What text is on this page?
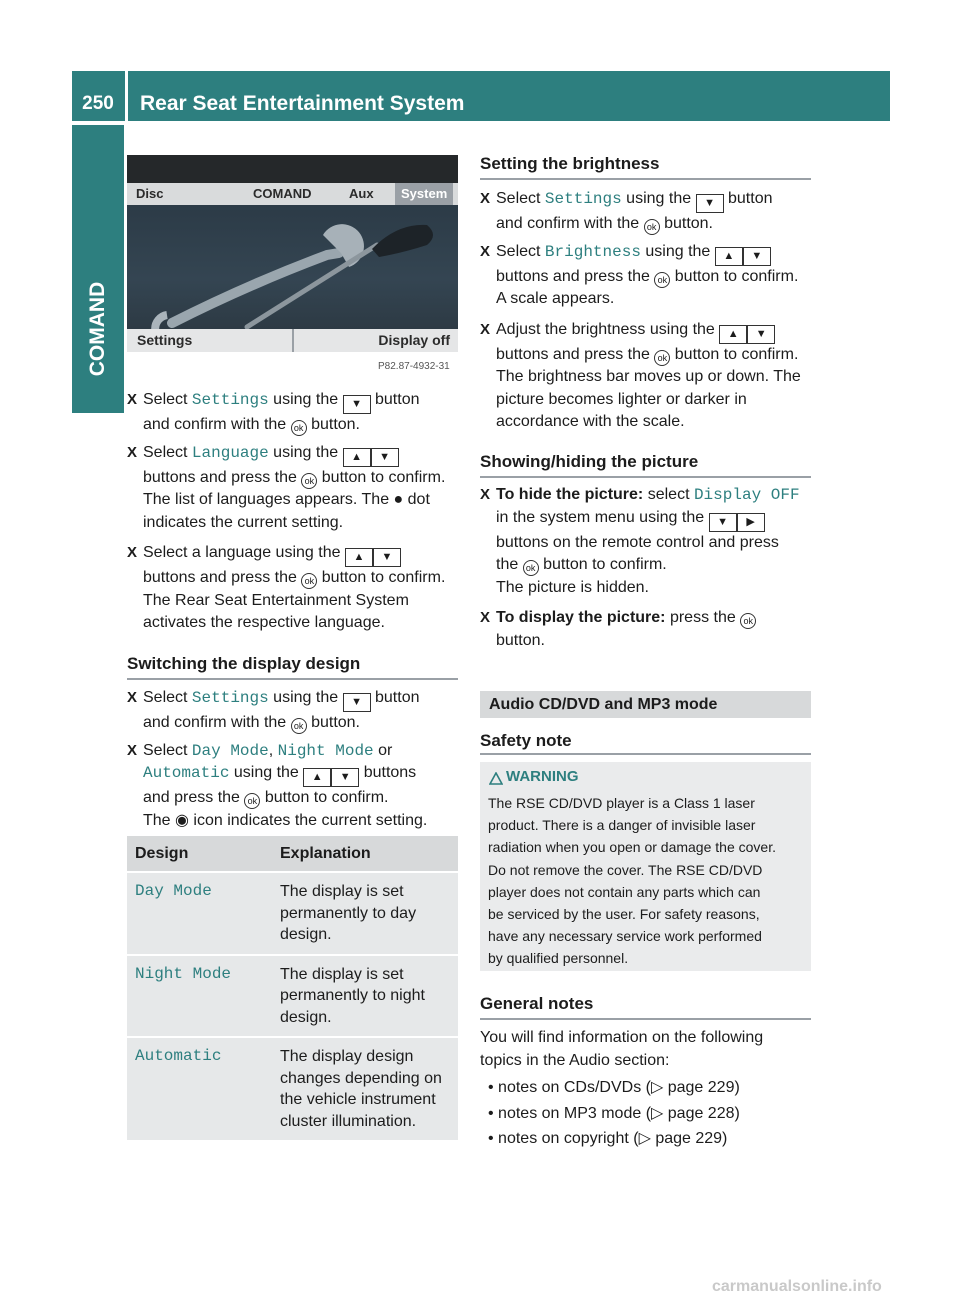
250	Rear Seat Entertainment System
COMAND
Disc	COMAND	Aux	System
Settings	Display off
P82.87-4932-31
X Select Settings using the ▼ button
and confirm with the ok button.
X Select Language using the ▲ ▼
buttons and press the ok button to confirm.
The list of languages appears. The ● dot
indicates the current setting.
X Select a language using the ▲ ▼
buttons and press the ok button to confirm.
The Rear Seat Entertainment System
activates the respective language.
Switching the display design
X Select Settings using the ▼ button
and confirm with the ok button.
X Select Day Mode, Night Mode or
Automatic using the ▲ ▼ buttons
and press the ok button to confirm.
The ◉ icon indicates the current setting.
Design	Explanation
Day Mode	The display is set
permanently to day
design.
Night Mode	The display is set
permanently to night
design.
Automatic	The display design
changes depending on
the vehicle instrument
cluster illumination.
Setting the brightness
X Select Settings using the ▼ button
and confirm with the ok button.
X Select Brightness using the ▲ ▼
buttons and press the ok button to confirm.
A scale appears.
X Adjust the brightness using the ▲ ▼
buttons and press the ok button to confirm.
The brightness bar moves up or down. The
picture becomes lighter or darker in
accordance with the scale.
Showing/hiding the picture
X To hide the picture: select Display OFF
in the system menu using the ▼ ▶
buttons on the remote control and press
the ok button to confirm.
The picture is hidden.
X To display the picture: press the ok
button.
Audio CD/DVD and MP3 mode
Safety note
WARNING

The RSE CD/DVD player is a Class 1 laser
product. There is a danger of invisible laser
radiation when you open or damage the cover.

Do not remove the cover. The RSE CD/DVD
player does not contain any parts which can
be serviced by the user. For safety reasons,
have any necessary service work performed
by qualified personnel.

General notes
You will find information on the following
topics in the Audio section:
• notes on CDs/DVDs (▷ page 229)
• notes on MP3 mode (▷ page 228)
• notes on copyright (▷ page 229)
carmanualsonline.info
